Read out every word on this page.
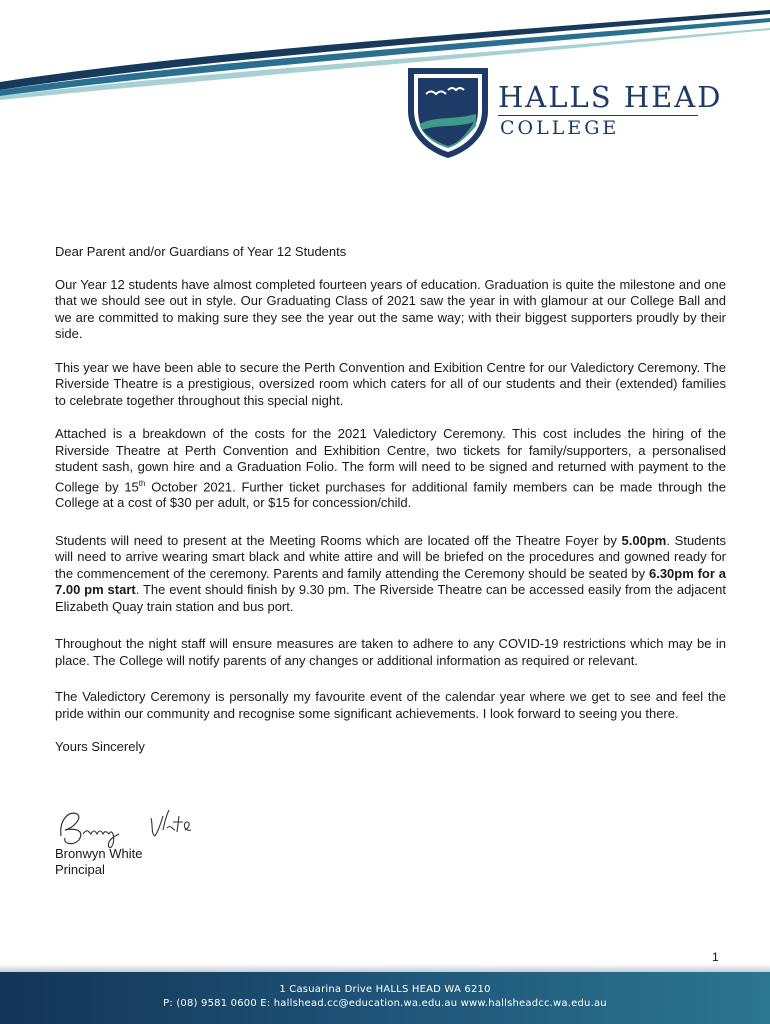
HALLS HEAD
COLLEGE

Dear Parent and/or Guardians of Year 12 Students

Our Year 12 students have almost completed fourteen years of education. Graduation is quite the milestone and one that we should see out in style. Our Graduating Class of 2021 saw the year in with glamour at our College Ball and we are committed to making sure they see the year out the same way; with their biggest supporters proudly by their side.

This year we have been able to secure the Perth Convention and Exibition Centre for our Valedictory Ceremony. The Riverside Theatre is a prestigious, oversized room which caters for all of our students and their (extended) families to celebrate together throughout this special night.

Attached is a breakdown of the costs for the 2021 Valedictory Ceremony. This cost includes the hiring of the Riverside Theatre at Perth Convention and Exhibition Centre, two tickets for family/supporters, a personalised student sash, gown hire and a Graduation Folio. The form will need to be signed and returned with payment to the College by 15th October 2021. Further ticket purchases for additional family members can be made through the College at a cost of $30 per adult, or $15 for concession/child.

Students will need to present at the Meeting Rooms which are located off the Theatre Foyer by 5.00pm. Students will need to arrive wearing smart black and white attire and will be briefed on the procedures and gowned ready for the commencement of the ceremony. Parents and family attending the Ceremony should be seated by 6.30pm for a 7.00 pm start. The event should finish by 9.30 pm. The Riverside Theatre can be accessed easily from the adjacent Elizabeth Quay train station and bus port.

Throughout the night staff will ensure measures are taken to adhere to any COVID-19 restrictions which may be in place. The College will notify parents of any changes or additional information as required or relevant.

The Valedictory Ceremony is personally my favourite event of the calendar year where we get to see and feel the pride within our community and recognise some significant achievements. I look forward to seeing you there.

Yours Sincerely

Bronwyn White
Principal
1
1 Casuarina Drive HALLS HEAD WA 6210
P: (08) 9581 0600 E: hallshead.cc@education.wa.edu.au www.hallsheadcc.wa.edu.au
